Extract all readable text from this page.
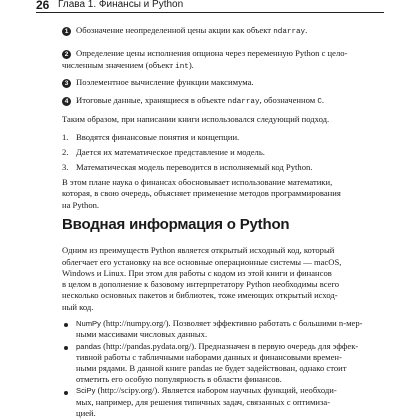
26 Глава 1. Финансы и Python
1 Обозначение неопределенной цены акции как объект ndarray.
2 Определение цены исполнения опциона через переменную Python с цело-
численным значением (объект int).
3 Поэлементное вычисление функции максимума.
4 Итоговые данные, хранящиеся в объекте ndarray, обозначенном C.
Таким образом, при написании книги использовался следующий подход.
1. Вводятся финансовые понятия и концепции.
2. Дается их математическое представление и модель.
3. Математическая модель переводится в исполняемый код Python.
В этом плане наука о финансах обосновывает использование математики,
которая, в свою очередь, объясняет применение методов программирования
на Python.
Вводная информация о Python
Одним из преимуществ Python является открытый исходный код, который
облегчает его установку на все основные операционные системы — macOS,
Windows и Linux. При этом для работы с кодом из этой книги и финансов
в целом в дополнение к базовому интерпретатору Python необходимы всего
несколько основных пакетов и библиотек, тоже имеющих открытый исход-
ный код.
NumPy (http://numpy.org/). Позволяет эффективно работать с большими n-мер-
ными массивами числовых данных.
pandas (http://pandas.pydata.org/). Предназначен в первую очередь для эффек-
тивной работы с табличными наборами данных и финансовыми времен-
ными рядами. В данной книге pandas не будет задействован, однако стоит
отметить его особую популярность в области финансов.
SciPy (http://scipy.org/). Является набором научных функций, необходи-
мых, например, для решения типичных задач, связанных с оптимиза-
цией.
